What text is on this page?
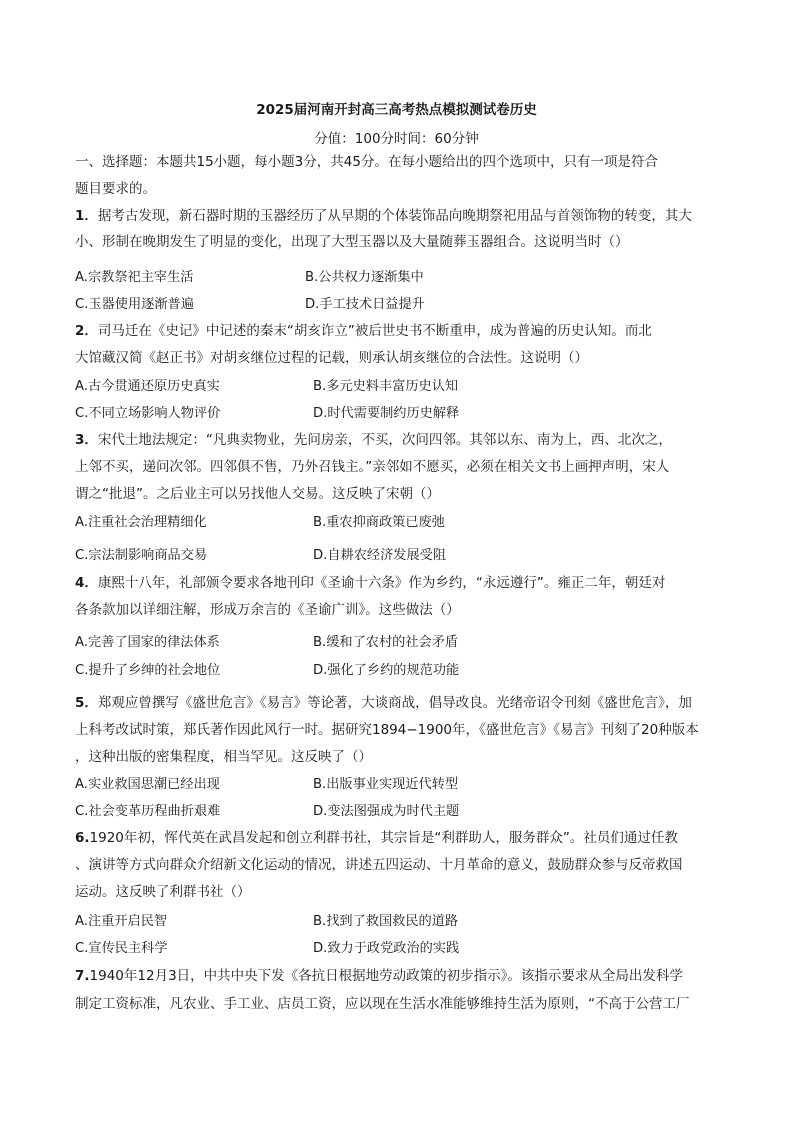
2025届河南开封高三高考热点模拟测试卷历史
分值：100分时间：60分钟
一、选择题：本题共15小题，每小题3分，共45分。在每小题给出的四个选项中，只有一项是符合
题目要求的。
1．据考古发现，新石器时期的玉器经历了从早期的个体装饰品向晚期祭祀用品与首领饰物的转变，其大
小、形制在晚期发生了明显的变化，出现了大型玉器以及大量随葬玉器组合。这说明当时（）
A.宗教祭祀主宰生活	B.公共权力逐渐集中
C.玉器使用逐渐普遍	D.手工技术日益提升
2．司马迁在《史记》中记述的秦末“胡亥诈立”被后世史书不断重申，成为普遍的历史认知。而北
大馆藏汉简《赵正书》对胡亥继位过程的记载，则承认胡亥继位的合法性。这说明（）
A.古今贯通还原历史真实	B.多元史料丰富历史认知
C.不同立场影响人物评价	D.时代需要制约历史解释
3．宋代土地法规定：“凡典卖物业，先问房亲，不买，次问四邻。其邻以东、南为上，西、北次之，
上邻不买，递问次邻。四邻俱不售，乃外召钱主。”亲邻如不愿买，必须在相关文书上画押声明，宋人
谓之“批退”。之后业主可以另找他人交易。这反映了宋朝（）
A.注重社会治理精细化	B.重农抑商政策已废弛
C.宗法制影响商品交易	D.自耕农经济发展受阻
4．康熙十八年，礼部颁令要求各地刊印《圣谕十六条》作为乡约，“永远遵行”。雍正二年，朝廷对
各条款加以详细注解，形成万余言的《圣谕广训》。这些做法（）
A.完善了国家的律法体系	B.缓和了农村的社会矛盾
C.提升了乡绅的社会地位	D.强化了乡约的规范功能
5．郑观应曾撰写《盛世危言》《易言》等论著，大谈商战，倡导改良。光绪帝诏令刊刻《盛世危言》，加
上科考改试时策，郑氏著作因此风行一时。据研究1894−1900年，《盛世危言》《易言》刊刻了20种版本
，这种出版的密集程度，相当罕见。这反映了（）
A.实业救国思潮已经出现	B.出版事业实现近代转型
C.社会变革历程曲折艰难	D.变法图强成为时代主题
6.1920年初，恽代英在武昌发起和创立利群书社，其宗旨是“利群助人，服务群众”。社员们通过任教
、演讲等方式向群众介绍新文化运动的情况，讲述五四运动、十月革命的意义，鼓励群众参与反帝救国
运动。这反映了利群书社（）
A.注重开启民智	B.找到了救国救民的道路
C.宣传民主科学	D.致力于政党政治的实践
7.1940年12月3日，中共中央下发《各抗日根据地劳动政策的初步指示》。该指示要求从全局出发科学
制定工资标准，凡农业、手工业、店员工资，应以现在生活水准能够维持生活为原则，“不高于公营工厂
